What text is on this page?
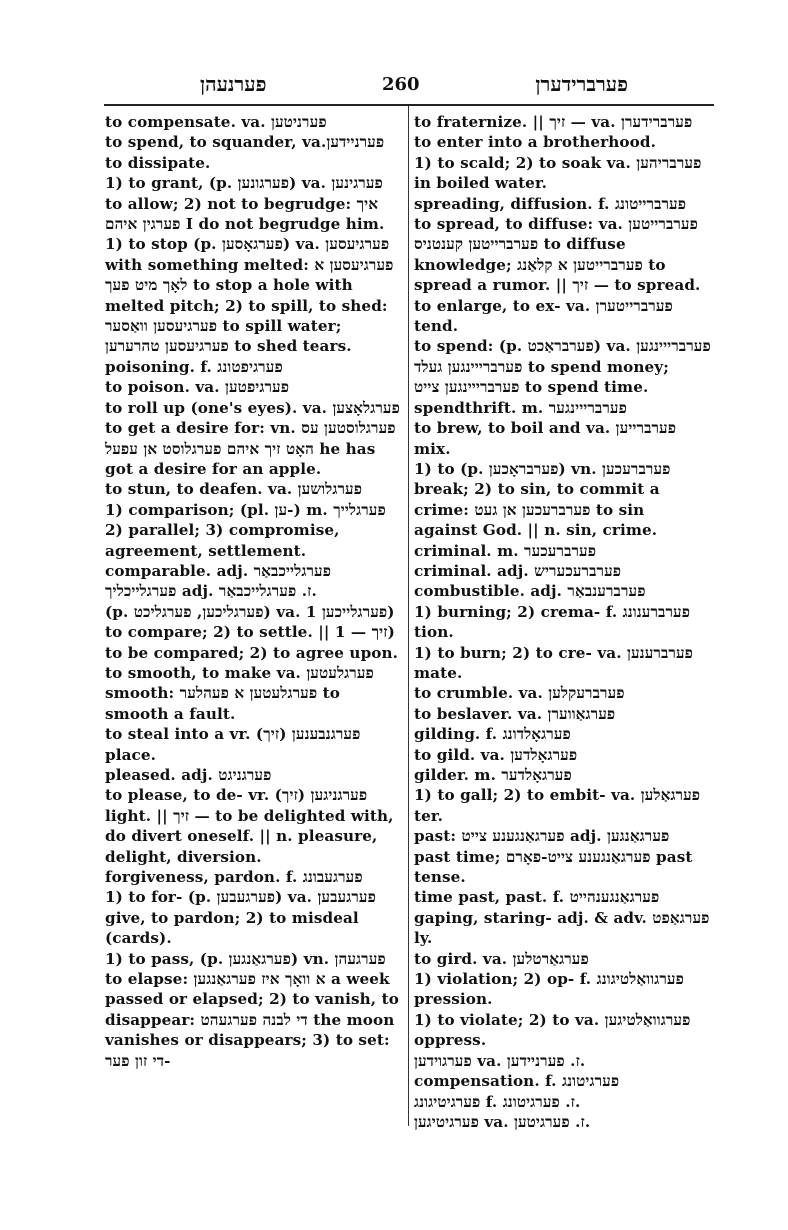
פערנעהן	260	פערברידערן
to compensate. va. פערניטען
to spend, to squander, va.פערניידען to dissipate.
1) to grant, (p. פערגונען) va. פערגינען to allow; 2) not to begrudge: איך פערגין איהם I do not begrudge him.
1) to stop (p. פערגאָסען) va. פערגיעסען with something melted: פערגיעסען א לאָך מיט פעך to stop a hole with melted pitch; 2) to spill, to shed: פערגיעסען וואַסער to spill water; פערגיעסען טהרערען to shed tears.
poisoning. f. פערגיפטונג
to poison. va. פערגיפטען
to roll up (one's eyes). va. פערגלאָצען
to get a desire for: vn. פערגלוסטען עס האָט זיך איהם פערגלוסט אן עפעל he has got a desire for an apple.
to stun, to deafen. va. פערגלושען
1) comparison; (pl. ען-) m. פערגלייך 2) parallel; 3) compromise, agreement, settlement.
comparable. adj. פערגלייכבאַר
פערגלייכליך adj. ז. פערגלייכבאַר.
(p. פערגליכען, פערגליכט) va. פערגלייכען 1) to compare; 2) to settle. || זיך — 1) to be compared; 2) to agree upon.
to smooth, to make va. פערגלעטען smooth: פערגלעטען א פעהלער to smooth a fault.
to steal into a vr. (זיך) פערגנבענען place.
pleased. adj. פערגניגט
to please, to de- vr. (זיך) פערגניגען light. || זיך — to be delighted with, do divert oneself. || n. pleasure, delight, diversion.
forgiveness, pardon. f. פערגעבונג
1) to for- (p. פערגעבען) va. פערגעבען give, to pardon; 2) to misdeal (cards).
1) to pass, (p. פערגאַנגען) vn. פערגעהן to elapse: א וואָך איז פערגאַנגען a week passed or elapsed; 2) to vanish, to disappear: די לבנה פערגעהט the moon vanishes or disappears; 3) to set: די זון פער-
to fraternize. || זיך — va. פערברידערן to enter into a brotherhood.
1) to scald; 2) to soak va. פערבריהען in boiled water.
spreading, diffusion. f. פערברייטונג
to spread, to diffuse: va. פערברייטען פערברייטען קענטניס to diffuse knowledge; פערברייטען א קלאַנג to spread a rumor. || זיך — to spread.
to enlarge, to ex- va. פערברייטערן tend.
to spend: (p. פערבראַכט) va. פערברייינגען פערברייינגען געלד to spend money; פערברייינגען צייט to spend time.
spendthrift. m. פערברייינגער
to brew, to boil and va. פערברייען mix.
1) to (p. פערבראָכען) vn. פערברעכען break; 2) to sin, to commit a crime: פערברעכען אן געט to sin against God. || n. sin, crime.
criminal. m. פערברעכער
criminal. adj. פערברעכעריש
combustible. adj. פערברענבאַר
1) burning; 2) crema- f. פערברענונג tion.
1) to burn; 2) to cre- va. פערברענען mate.
to crumble. va. פערברעקלען
to beslaver. va. פערגאַווערן
gilding. f. פערגאָלדונג
to gild. va. פערגאָלדען
gilder. m. פערגאָלדער
1) to gall; 2) to embit- va. פערגאַלען ter.
past: פערגאַנגענע צייט adj. פערגאַנגען past time; פערגאַנגענע צייט-פאָרם past tense.
time past, past. f. פערגאַנגענהייט
gaping, staring- adj. & adv. פערגאַפט ly.
to gird. va. פערגאַרטלען
1) violation; 2) op- f. פערגוואַלטיגונג pression.
1) to violate; 2) to va. פערגוואַלטיגען oppress.
פערגוידען va. ז. פערניידען.
compensation. f. פערגיטונג
פערגיטיגונג f. ז. פערגיטונג.
פערגיטיגען va. ז. פערגיטען.
